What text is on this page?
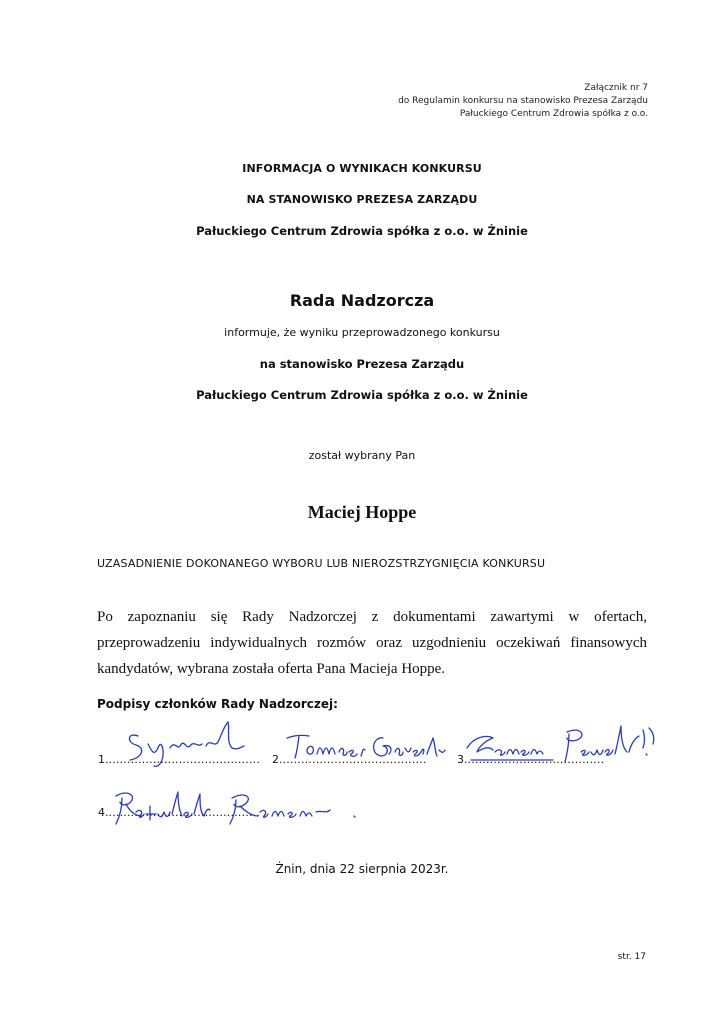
Załącznik nr 7
do Regulamin konkursu na stanowisko Prezesa Zarządu
Pałuckiego Centrum Zdrowia spółka z o.o.
INFORMACJA O WYNIKACH KONKURSU
NA STANOWISKO PREZESA ZARZĄDU
Pałuckiego Centrum Zdrowia spółka z o.o. w Żninie
Rada Nadzorcza
informuje, że wyniku przeprowadzonego konkursu
na stanowisko Prezesa Zarządu
Pałuckiego Centrum Zdrowia spółka z o.o. w Żninie
został wybrany Pan
Maciej Hoppe
UZASADNIENIE DOKONANEGO WYBORU LUB NIEROZSTRZYGNIĘCIA KONKURSU
Po zapoznaniu się Rady Nadzorczej z dokumentami zawartymi w ofertach, przeprowadzeniu indywidualnych rozmów oraz uzgodnieniu oczekiwań finansowych kandydatów, wybrana została oferta Pana Macieja Hoppe.
Podpisy członków Rady Nadzorczej:
1.......................................... 2........................................	3......................................
4..........................................
Żnin, dnia 22 sierpnia 2023r.
str. 17
